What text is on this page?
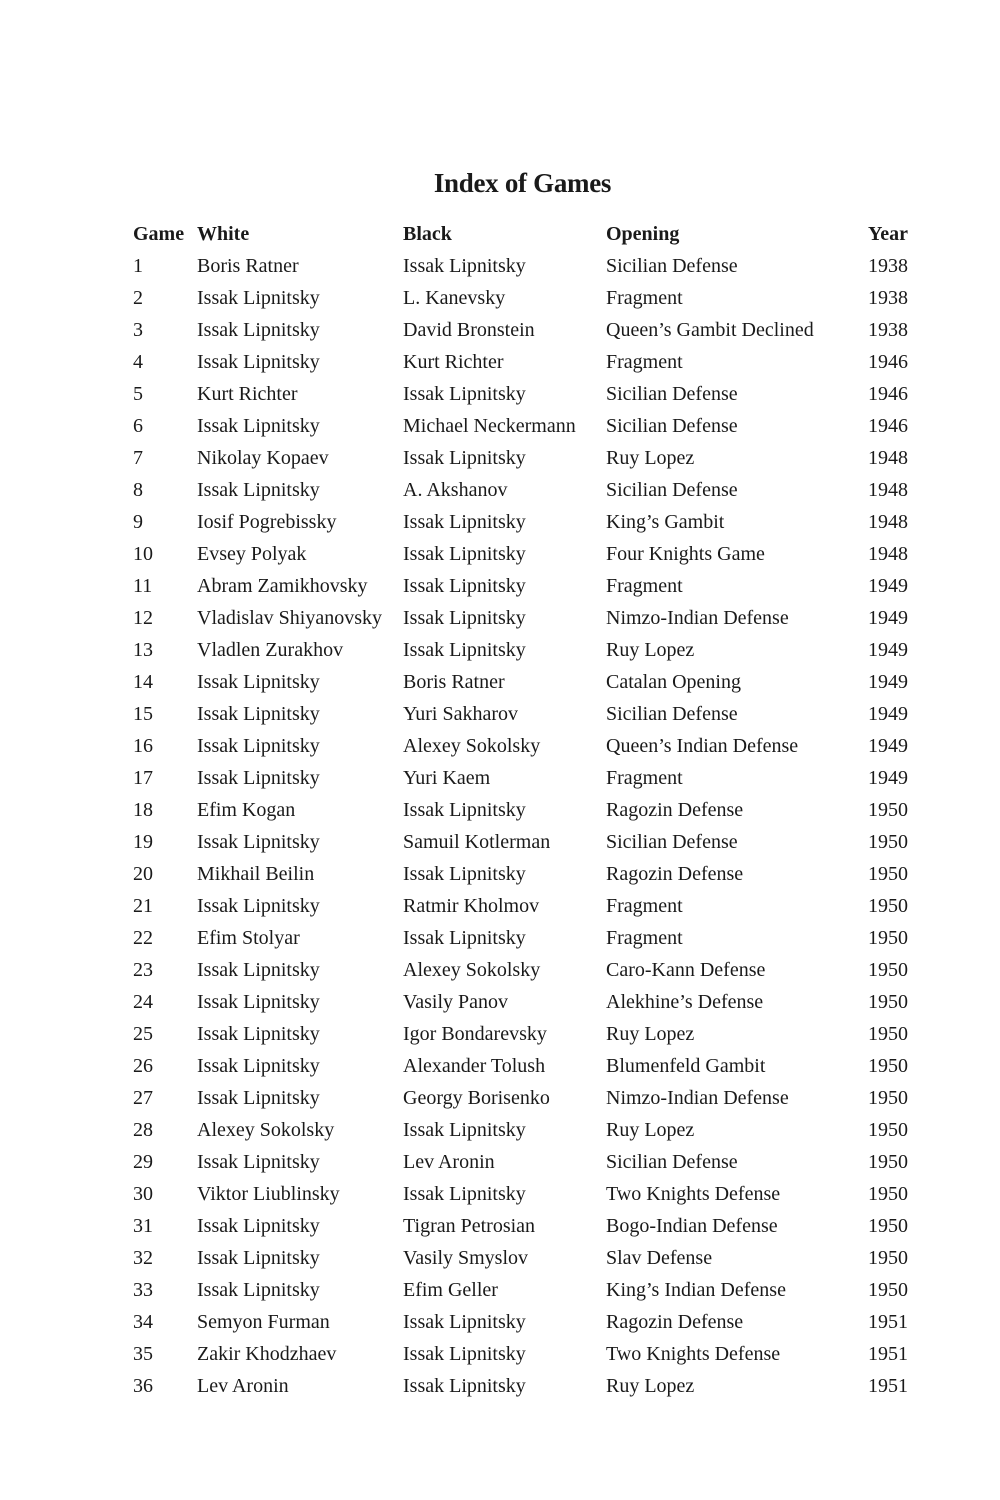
Index of Games
Game	White	Black	Opening	Year
1	Boris Ratner	Issak Lipnitsky	Sicilian Defense	1938
2	Issak Lipnitsky	L. Kanevsky	Fragment	1938
3	Issak Lipnitsky	David Bronstein	Queen’s Gambit Declined	1938
4	Issak Lipnitsky	Kurt Richter	Fragment	1946
5	Kurt Richter	Issak Lipnitsky	Sicilian Defense	1946
6	Issak Lipnitsky	Michael Neckermann	Sicilian Defense	1946
7	Nikolay Kopaev	Issak Lipnitsky	Ruy Lopez	1948
8	Issak Lipnitsky	A. Akshanov	Sicilian Defense	1948
9	Iosif Pogrebissky	Issak Lipnitsky	King’s Gambit	1948
10	Evsey Polyak	Issak Lipnitsky	Four Knights Game	1948
11	Abram Zamikhovsky	Issak Lipnitsky	Fragment	1949
12	Vladislav Shiyanovsky	Issak Lipnitsky	Nimzo-Indian Defense	1949
13	Vladlen Zurakhov	Issak Lipnitsky	Ruy Lopez	1949
14	Issak Lipnitsky	Boris Ratner	Catalan Opening	1949
15	Issak Lipnitsky	Yuri Sakharov	Sicilian Defense	1949
16	Issak Lipnitsky	Alexey Sokolsky	Queen’s Indian Defense	1949
17	Issak Lipnitsky	Yuri Kaem	Fragment	1949
18	Efim Kogan	Issak Lipnitsky	Ragozin Defense	1950
19	Issak Lipnitsky	Samuil Kotlerman	Sicilian Defense	1950
20	Mikhail Beilin	Issak Lipnitsky	Ragozin Defense	1950
21	Issak Lipnitsky	Ratmir Kholmov	Fragment	1950
22	Efim Stolyar	Issak Lipnitsky	Fragment	1950
23	Issak Lipnitsky	Alexey Sokolsky	Caro-Kann Defense	1950
24	Issak Lipnitsky	Vasily Panov	Alekhine’s Defense	1950
25	Issak Lipnitsky	Igor Bondarevsky	Ruy Lopez	1950
26	Issak Lipnitsky	Alexander Tolush	Blumenfeld Gambit	1950
27	Issak Lipnitsky	Georgy Borisenko	Nimzo-Indian Defense	1950
28	Alexey Sokolsky	Issak Lipnitsky	Ruy Lopez	1950
29	Issak Lipnitsky	Lev Aronin	Sicilian Defense	1950
30	Viktor Liublinsky	Issak Lipnitsky	Two Knights Defense	1950
31	Issak Lipnitsky	Tigran Petrosian	Bogo-Indian Defense	1950
32	Issak Lipnitsky	Vasily Smyslov	Slav Defense	1950
33	Issak Lipnitsky	Efim Geller	King’s Indian Defense	1950
34	Semyon Furman	Issak Lipnitsky	Ragozin Defense	1951
35	Zakir Khodzhaev	Issak Lipnitsky	Two Knights Defense	1951
36	Lev Aronin	Issak Lipnitsky	Ruy Lopez	1951
